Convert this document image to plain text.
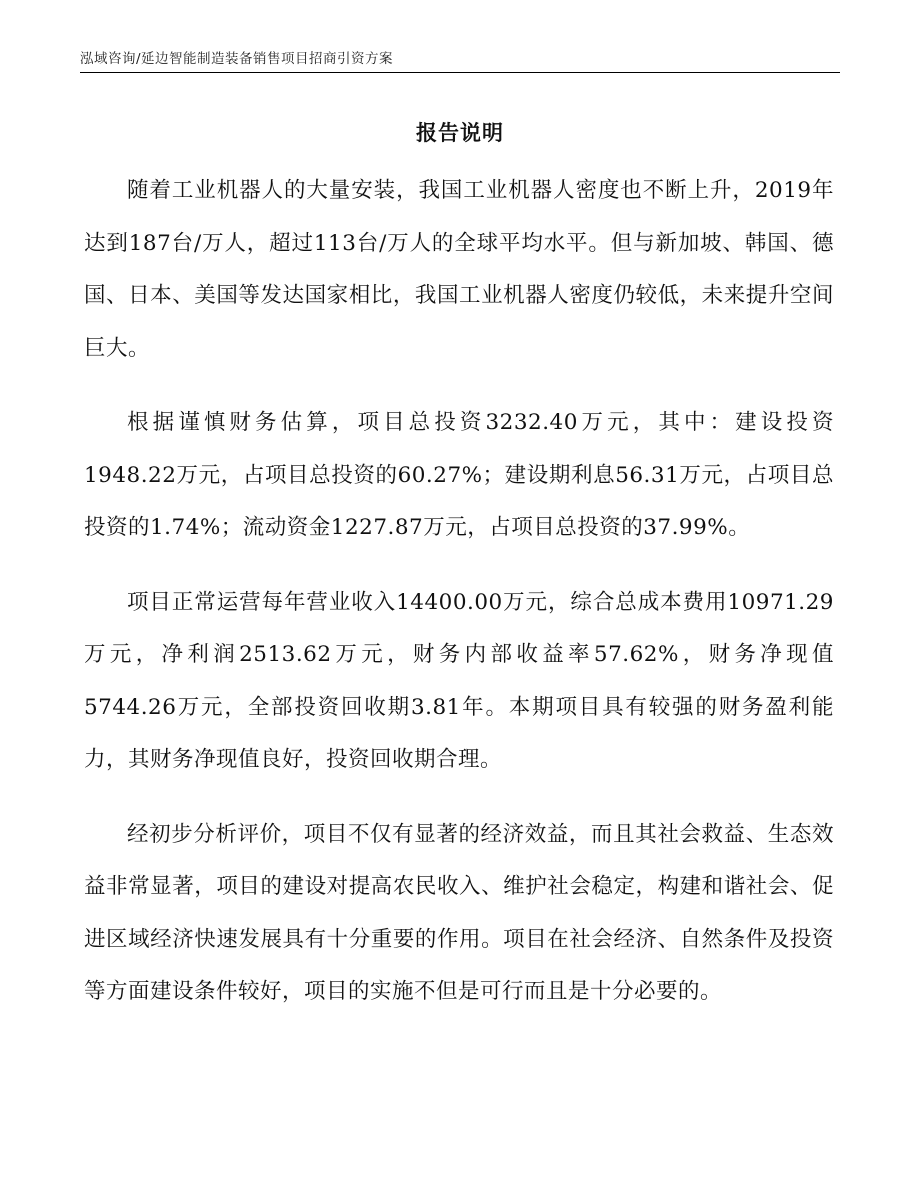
泓域咨询/延边智能制造装备销售项目招商引资方案
报告说明

随着工业机器人的大量安装，我国工业机器人密度也不断上升，2019年达到187台/万人，超过113台/万人的全球平均水平。但与新加坡、韩国、德国、日本、美国等发达国家相比，我国工业机器人密度仍较低，未来提升空间巨大。

根据谨慎财务估算，项目总投资3232.40万元，其中：建设投资1948.22万元，占项目总投资的60.27%；建设期利息56.31万元，占项目总投资的1.74%；流动资金1227.87万元，占项目总投资的37.99%。

项目正常运营每年营业收入14400.00万元，综合总成本费用10971.29万元，净利润2513.62万元，财务内部收益率57.62%，财务净现值5744.26万元，全部投资回收期3.81年。本期项目具有较强的财务盈利能力，其财务净现值良好，投资回收期合理。

经初步分析评价，项目不仅有显著的经济效益，而且其社会救益、生态效益非常显著，项目的建设对提高农民收入、维护社会稳定，构建和谐社会、促进区域经济快速发展具有十分重要的作用。项目在社会经济、自然条件及投资等方面建设条件较好，项目的实施不但是可行而且是十分必要的。
